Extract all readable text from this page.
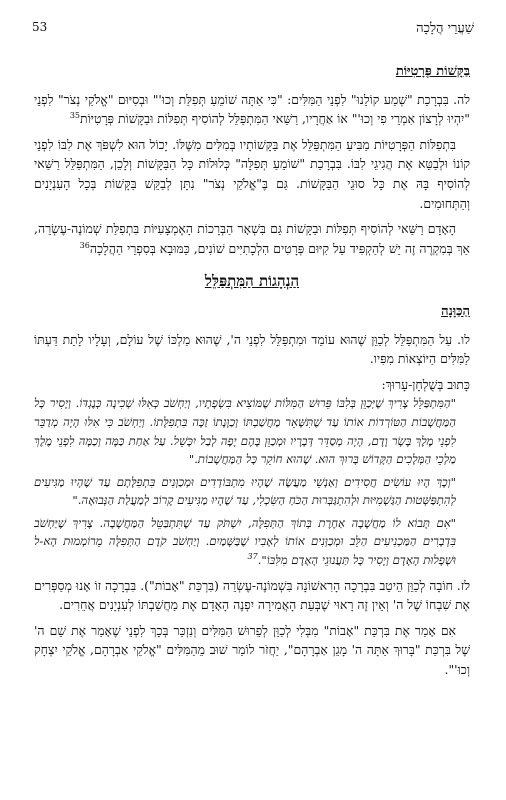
שַׁעֲרֵי הֲלָכָה
53
בַּקָּשׁוֹת פְּרָטִיּוֹת

לה. בִּבְרָכַת "שְׁמַע קוֹלֵנוּ" לִפְנֵי הַמִּלִּים: "כִּי אַתָּה שׁוֹמֵעַ תְּפִלַּת וְכוּ'" וּבְסִיּוּם "אֱלֹקַי נְצֹר" לִפְנֵי "יִהְיוּ לְרָצוֹן אִמְרֵי פִי וְכוּ'" אוֹ אַחֲרָיו, רַשַּׁאי הַמִּתְפַּלֵּל לְהוֹסִיף תְּפִלּוֹת וּבַקָּשׁוֹת פְּרָטִיּוֹת$^{35}$

בִּתְפִלּוֹת הַפְּרָטִיּוֹת מַבִּיעַ הַמִּתְפַּלֵּל אֶת בַּקָּשׁוֹתָיו בְּמִלִּים מִשֶּׁלּוֹ. יָכוֹל הוּא לִשְׁפֹּךְ אֶת לִבּוֹ לִפְנֵי קוֹנוֹ וּלְבַטֵּא אֶת הֲגִיגֵי לִבּוֹ. בִּבְרָכַת "שׁוֹמֵעַ תְּפִלָּה" כְּלוּלוֹת כָּל הַבַּקָּשׁוֹת וְלָכֵן, הַמִּתְפַּלֵּל רַשַּׁאי לְהוֹסִיף בָּהּ אֶת כָּל סוּגֵי הַבַּקָּשׁוֹת. גַּם בֶּ"אֱלֹקַי נְצֹר" נִתָּן לְבַקֵּשׁ בַּקָּשׁוֹת בְּכָל הָעִנְיָנִים וְהַתְּחוּמִים.

הָאָדָם רַשַּׁאי לְהוֹסִיף תְּפִלּוֹת וּבַקָּשׁוֹת גַּם בִּשְׁאָר הַבְּרָכוֹת הָאֶמְצָעִיּוֹת בִּתְפִלַּת שְׁמוֹנֶה-עֶשְׂרֵה, אַךְ בְּמִקְרֶה זֶה יֵשׁ לְהַקְפִּיד עַל קִיּוּם פְּרָטִים הִלְכָתִיִּים שׁוֹנִים, כַּמּוּבָא בְּסִפְרֵי הַהֲלָכָה$^{36}$

הַנְהָגוֹת הַמִּתְפַּלֵּל
הַכַּוָּנָה

לו. עַל הַמִּתְפַּלֵּל לְכַוֵּן שֶׁהוּא עוֹמֵד וּמִתְפַּלֵּל לִפְנֵי ה', שֶׁהוּא מַלְכּוֹ שֶׁל עוֹלָם, וְעָלָיו לָתֵת דַּעְתּוֹ לַמִּלִּים הַיּוֹצְאוֹת מִפִּיו.

כָּתוּב בְּשֻׁלְחָן-עָרוּךְ:

"הַמִּתְפַּלֵּל צָרִיךְ שֶׁיְּכַוֵּן בְּלִבּוֹ פֵּרוּשׁ הַמִּלּוֹת שֶׁמּוֹצִיא בִּשְׂפָתָיו, וְיַחְשֹׁב כְּאִלּוּ שְׁכִינָה כְּנֶגְדּוֹ. וְיָסִיר כָּל הַמַּחֲשָׁבוֹת הַטּוֹרְדוֹת אוֹתוֹ עַד שֶׁתִּשָּׁאֵר מַחֲשַׁבְתּוֹ וְכַוָּנָתוֹ זַכָּה בִּתְפִלָּתוֹ. וְיַחְשֹׁב כִּי אִלּוּ הָיָה מְדַבֵּר לִפְנֵי מֶלֶךְ בָּשָׂר וָדָם, הָיָה מְסַדֵּר דְּבָרָיו וּמְכַוֵּן בָּהֶם יָפֶה לְבַל יִכָּשֵׁל. עַל אַחַת כַּמָּה וְכַמָּה לִפְנֵי מֶלֶךְ מַלְכֵי הַמְּלָכִים הַקָּדוֹשׁ בָּרוּךְ הוּא. שֶׁהוּא חוֹקֵר כָּל הַמַּחֲשָׁבוֹת."

"וְכָךְ הָיוּ עוֹשִׂים חֲסִידִים וְאַנְשֵׁי מַעֲשֶׂה שֶׁהָיוּ מִתְבּוֹדְדִים וּמְכַוְּנִים בִּתְפִלָּתָם עַד שֶׁהָיוּ מַגִּיעִים לְהִתְפַּשְּׁטוּת הַגַּשְׁמִיּוּת וּלְהִתְגַּבְּרוּת הַכֹּחַ הַשִּׂכְלִי, עַד שֶׁהָיוּ מַגִּיעִים קָרוֹב לְמַעֲלַת הַנְּבוּאָה."

"אִם תָּבוֹא לוֹ מַחֲשָׁבָה אַחֶרֶת בְּתוֹךְ הַתְּפִלָּה, יִשְׁתֹּק עַד שֶׁתִּתְבַּטֵּל הַמַּחֲשָׁבָה. צָרִיךְ שֶׁיַּחְשֹׁב בִּדְבָרִים הַמַּכְנִיעִים הַלֵּב וּמְכַוְּנִים אוֹתוֹ לְאָבִיו שֶׁבַּשָּׁמַיִם. וְיַחְשֹׁב קֹדֶם הַתְּפִלָּה מֵרוֹמְמוּת הָא-ל וּשְׁפָלוּת הָאָדָם וְיָסִיר כָּל תַּעֲנוּגֵי הָאָדָם מִלִּבּוֹ".$^{37}$

לז. חוֹבָה לְכַוֵּן הֵיטֵב בִּבְרָכָה הָרִאשׁוֹנָה בִּשְׁמוֹנֶה-עֶשְׂרֵה (בִּרְכַּת "אָבוֹת"). בִּבְרָכָה זוֹ אָנוּ מְסַפְּרִים אֶת שִׁבְחוֹ שֶׁל ה' וְאֵין זֶה רָאוּי שֶׁבְּעֵת הָאֲמִירָה יִפְנֶה הָאָדָם אֶת מַחֲשַׁבְתּוֹ לְעִנְיָנִים אֲחֵרִים.

אִם אָמַר אֶת בִּרְכַּת "אָבוֹת" מִבְּלִי לְכַוֵּן לְפֵרוּשׁ הַמִּלִּים וְנִזְכַּר בְּכָךְ לִפְנֵי שֶׁאָמַר אֶת שֵׁם ה' שֶׁל בִּרְכַּת "בָּרוּךְ אַתָּה ה' מָגֵן אַבְרָהָם", יַחֲזֹר לוֹמַר שׁוּב מֵהַמִּלִּים "אֱלֹקֵי אַבְרָהָם, אֱלֹקֵי יִצְחָק וְכוּ'".
